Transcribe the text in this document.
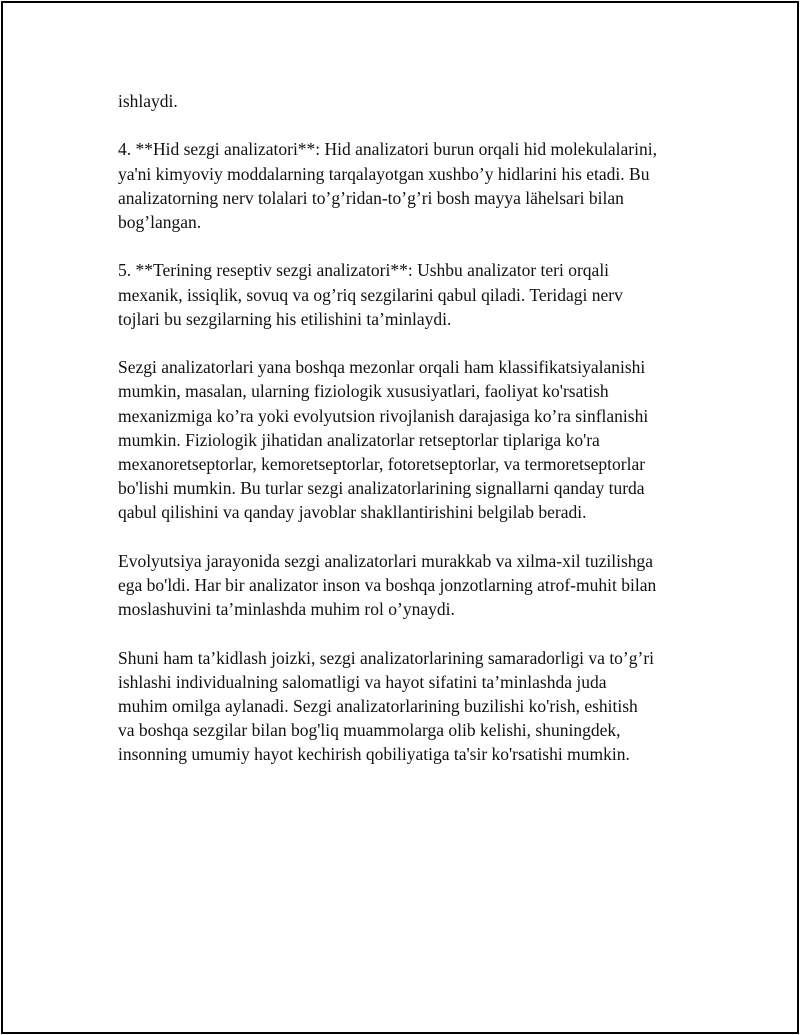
ishlaydi.

4. **Hid sezgi analizatori**: Hid analizatori burun orqali hid molekulalarini,
ya'ni kimyoviy moddalarning tarqalayotgan xushbo’y hidlarini his etadi. Bu
analizatorning nerv tolalari to’g’ridan-to’g’ri bosh mayya lähelsari bilan
bog’langan.

5. **Terining reseptiv sezgi analizatori**: Ushbu analizator teri orqali
mexanik, issiqlik, sovuq va og’riq sezgilarini qabul qiladi. Teridagi nerv
tojlari bu sezgilarning his etilishini ta’minlaydi.

Sezgi analizatorlari yana boshqa mezonlar orqali ham klassifikatsiyalanishi
mumkin, masalan, ularning fiziologik xususiyatlari, faoliyat ko'rsatish
mexanizmiga ko’ra yoki evolyutsion rivojlanish darajasiga ko’ra sinflanishi
mumkin. Fiziologik jihatidan analizatorlar retseptorlar tiplariga ko'ra
mexanoretseptorlar, kemoretseptorlar, fotoretseptorlar, va termoretseptorlar
bo'lishi mumkin. Bu turlar sezgi analizatorlarining signallarni qanday turda
qabul qilishini va qanday javoblar shakllantirishini belgilab beradi.

Evolyutsiya jarayonida sezgi analizatorlari murakkab va xilma-xil tuzilishga
ega bo'ldi. Har bir analizator inson va boshqa jonzotlarning atrof-muhit bilan
moslashuvini ta’minlashda muhim rol o’ynaydi.

Shuni ham ta’kidlash joizki, sezgi analizatorlarining samaradorligi va to’g’ri
ishlashi individualning salomatligi va hayot sifatini ta’minlashda juda
muhim omilga aylanadi. Sezgi analizatorlarining buzilishi ko'rish, eshitish
va boshqa sezgilar bilan bog'liq muammolarga olib kelishi, shuningdek,
insonning umumiy hayot kechirish qobiliyatiga ta'sir ko'rsatishi mumkin.
